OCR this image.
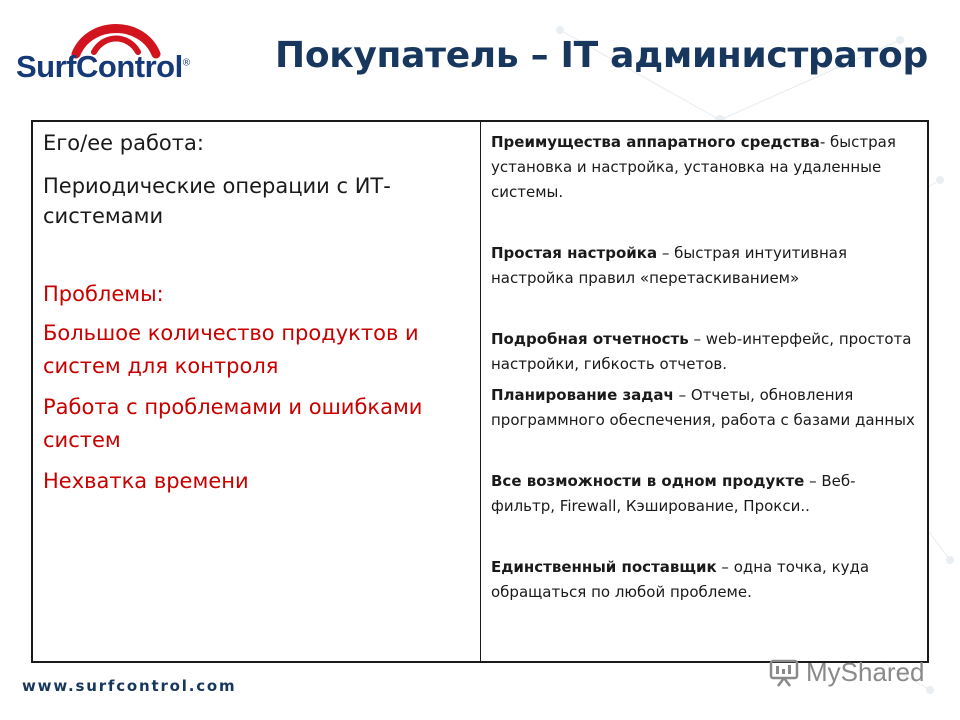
SurfControl® Покупатель – IT администратор

Его/ее работа:

Периодические операции с ИТ-системами

Проблемы:

Большое количество продуктов и систем для контроля

Работа с проблемами и ошибками систем

Нехватка времени

Преимущества аппаратного средства- быстрая установка и настройка, установка на удаленные системы.

Простая настройка – быстрая интуитивная настройка правил «перетаскиванием»

Подробная отчетность – web-интерфейс, простота настройки, гибкость отчетов.

Планирование задач – Отчеты, обновления программного обеспечения, работа с базами данных

Все возможности в одном продукте – Веб-фильтр, Firewall, Кэширование, Прокси..

Единственный поставщик – одна точка, куда обращаться по любой проблеме.

www.surfcontrol.com	MyShared
